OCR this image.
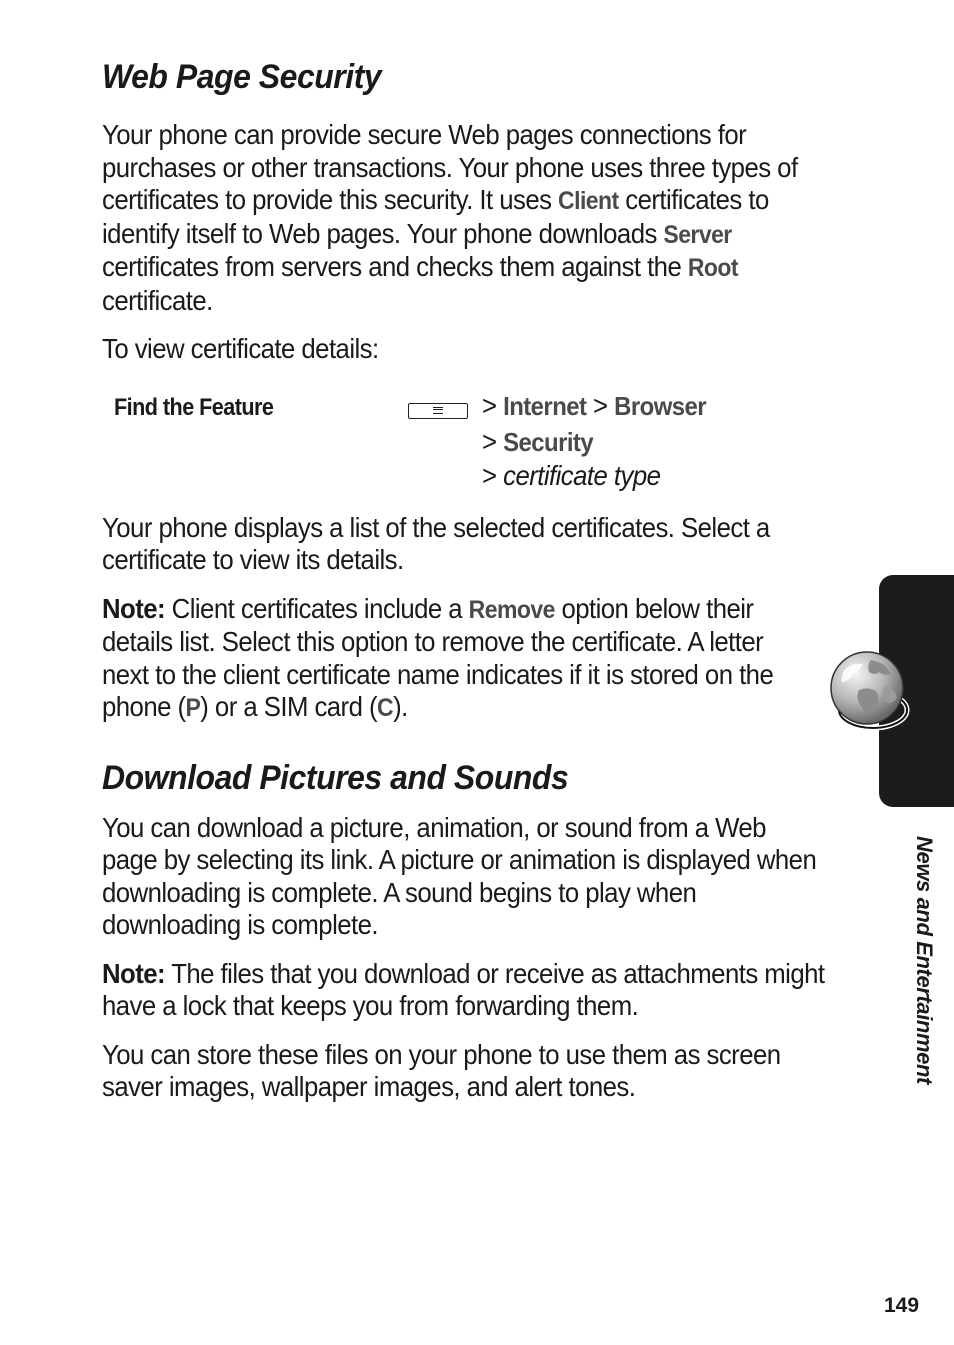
Web Page Security

Your phone can provide secure Web pages connections for purchases or other transactions. Your phone uses three types of certificates to provide this security. It uses Client certificates to identify itself to Web pages. Your phone downloads Server certificates from servers and checks them against the Root certificate.

To view certificate details:

Find the Feature	> Internet > Browser
> Security
> certificate type

Your phone displays a list of the selected certificates. Select a certificate to view its details.

Note: Client certificates include a Remove option below their details list. Select this option to remove the certificate. A letter next to the client certificate name indicates if it is stored on the phone (P) or a SIM card (C).

Download Pictures and Sounds

You can download a picture, animation, or sound from a Web page by selecting its link. A picture or animation is displayed when downloading is complete. A sound begins to play when downloading is complete.

Note: The files that you download or receive as attachments might have a lock that keeps you from forwarding them.

You can store these files on your phone to use them as screen saver images, wallpaper images, and alert tones.

News and Entertainment
149
